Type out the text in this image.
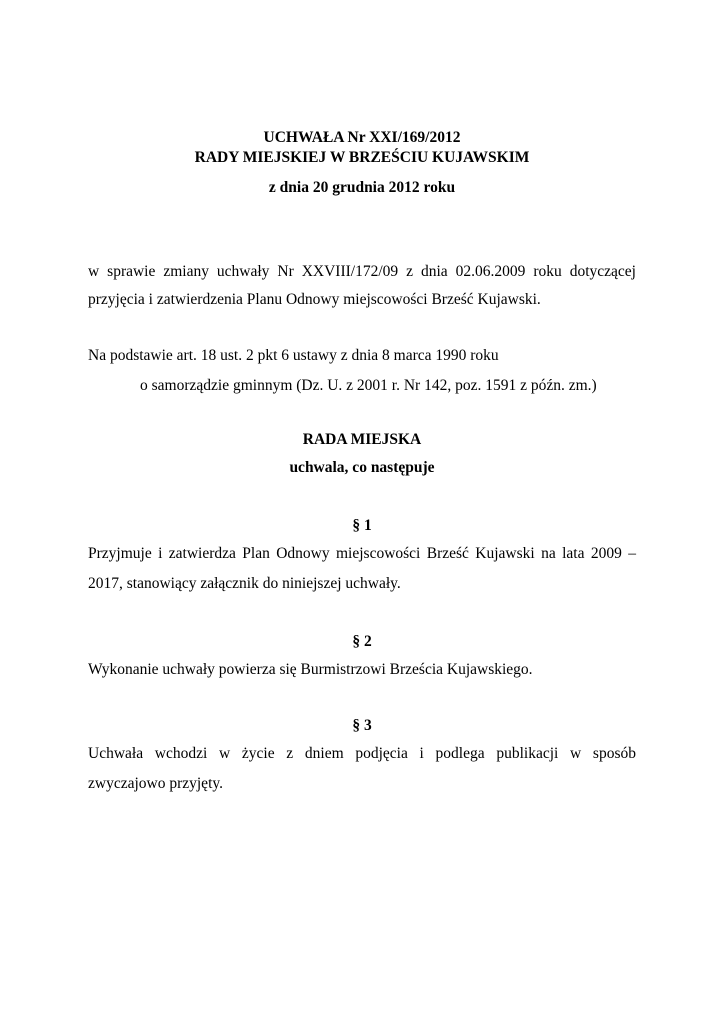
UCHWAŁA Nr XXI/169/2012
RADY MIEJSKIEJ W BRZEŚCIU KUJAWSKIM
z dnia 20 grudnia 2012 roku
w sprawie zmiany uchwały Nr XXVIII/172/09 z dnia 02.06.2009 roku dotyczącej
przyjęcia i zatwierdzenia Planu Odnowy miejscowości Brześć Kujawski.
Na podstawie art. 18 ust. 2 pkt 6 ustawy z dnia 8 marca 1990 roku
o samorządzie gminnym (Dz. U. z 2001 r. Nr 142, poz. 1591 z późn. zm.)
RADA MIEJSKA
uchwala, co następuje
§ 1
Przyjmuje i zatwierdza Plan Odnowy miejscowości Brześć Kujawski na lata 2009 –
2017, stanowiący załącznik do niniejszej uchwały.
§ 2
Wykonanie uchwały powierza się Burmistrzowi Brześcia Kujawskiego.
§ 3
Uchwała wchodzi w życie z dniem podjęcia i podlega publikacji w sposób
zwyczajowo przyjęty.
